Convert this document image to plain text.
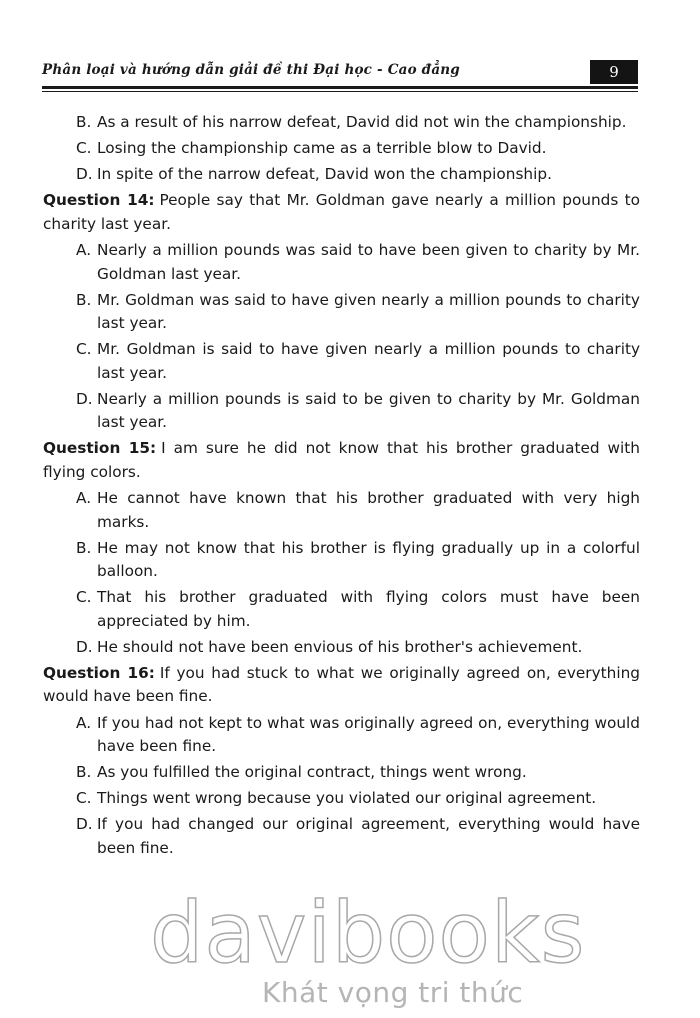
Phân loại và hướng dẫn giải đề thi Đại học - Cao đẳng	9
B. As a result of his narrow defeat, David did not win the championship.
C. Losing the championship came as a terrible blow to David.
D. In spite of the narrow defeat, David won the championship.
Question 14: People say that Mr. Goldman gave nearly a million pounds to charity last year.
A. Nearly a million pounds was said to have been given to charity by Mr. Goldman last year.
B. Mr. Goldman was said to have given nearly a million pounds to charity last year.
C. Mr. Goldman is said to have given nearly a million pounds to charity last year.
D. Nearly a million pounds is said to be given to charity by Mr. Goldman last year.
Question 15: I am sure he did not know that his brother graduated with flying colors.
A. He cannot have known that his brother graduated with very high marks.
B. He may not know that his brother is flying gradually up in a colorful balloon.
C. That his brother graduated with flying colors must have been appreciated by him.
D. He should not have been envious of his brother's achievement.
Question 16: If you had stuck to what we originally agreed on, everything would have been fine.
A. If you had not kept to what was originally agreed on, everything would have been fine.
B. As you fulfilled the original contract, things went wrong.
C. Things went wrong because you violated our original agreement.
D. If you had changed our original agreement, everything would have been fine.
davibooks
Khát vọng tri thức
